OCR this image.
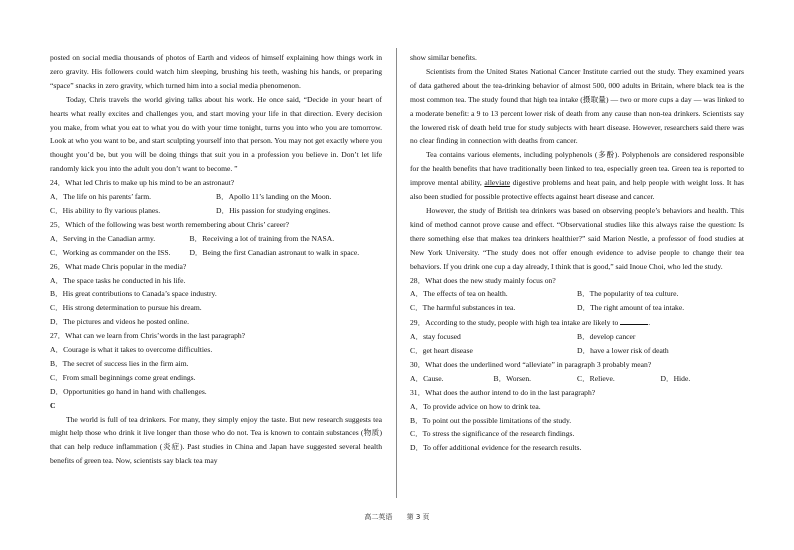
posted on social media thousands of photos of Earth and videos of himself explaining how things work in zero gravity. His followers could watch him sleeping, brushing his teeth, washing his hands, or preparing “space” snacks in zero gravity, which turned him into a social media phenomenon.

Today, Chris travels the world giving talks about his work. He once said, “Decide in your heart of hearts what really excites and challenges you, and start moving your life in that direction. Every decision you make, from what you eat to what you do with your time tonight, turns you into who you are tomorrow. Look at who you want to be, and start sculpting yourself into that person. You may not get exactly where you thought you’d be, but you will be doing things that suit you in a profession you believe in. Don’t let life randomly kick you into the adult you don’t want to become. ”

24．What led Chris to make up his mind to be an astronaut?

A．The life on his parents’ farm.	B．Apollo 11’s landing on the Moon.
C．His ability to fly various planes.	D．His passion for studying engines.

25．Which of the following was best worth remembering about Chris’ career?

A．Serving in the Canadian army.	B．Receiving a lot of training from the NASA.
C．Working as commander on the ISS.	D．Being the first Canadian astronaut to walk in space.

26．What made Chris popular in the media?

A．The space tasks he conducted in his life.

B．His great contributions to Canada’s space industry.

C．His strong determination to pursue his dream.

D．The pictures and videos he posted online.

27．What can we learn from Chris’words in the last paragraph?

A．Courage is what it takes to overcome difficulties.

B．The secret of success lies in the firm aim.

C．From small beginnings come great endings.

D．Opportunities go hand in hand with challenges.

C

The world is full of tea drinkers. For many, they simply enjoy the taste. But new research suggests tea might help those who drink it live longer than those who do not. Tea is known to contain substances (物质) that can help reduce inflammation (炎症). Past studies in China and Japan have suggested several health benefits of green tea. Now, scientists say black tea may

show similar benefits.

Scientists from the United States National Cancer Institute carried out the study. They examined years of data gathered about the tea-drinking behavior of almost 500, 000 adults in Britain, where black tea is the most common tea. The study found that high tea intake (摄取量) — two or more cups a day — was linked to a moderate benefit: a 9 to 13 percent lower risk of death from any cause than non-tea drinkers. Scientists say the lowered risk of death held true for study subjects with heart disease. However, researchers said there was no clear finding in connection with deaths from cancer.

Tea contains various elements, including polyphenols (多酚). Polyphenols are considered responsible for the health benefits that have traditionally been linked to tea, especially green tea. Green tea is reported to improve mental ability, alleviate digestive problems and heat pain, and help people with weight loss. It has also been studied for possible protective effects against heart disease and cancer.

However, the study of British tea drinkers was based on observing people’s behaviors and health. This kind of method cannot prove cause and effect. “Observational studies like this always raise the question: Is there something else that makes tea drinkers healthier?” said Marion Nestle, a professor of food studies at New York University. “The study does not offer enough evidence to advise people to change their tea behaviors. If you drink one cup a day already, I think that is good,” said Inoue Choi, who led the study.

28．What does the new study mainly focus on?

A．The effects of tea on health.	B．The popularity of tea culture.
C．The harmful substances in tea.	D．The right amount of tea intake.

29．According to the study, people with high tea intake are likely to	.

A．stay focused	B．develop cancer
C．get heart disease	D．have a lower risk of death

30．What does the underlined word “alleviate” in paragraph 3 probably mean?

A．Cause.	B．Worsen.	C．Relieve.	D．Hide.

31．What does the author intend to do in the last paragraph?

A．To provide advice on how to drink tea.

B．To point out the possible limitations of the study.

C．To stress the significance of the research findings.

D．To offer additional evidence for the research results.

高二英语 第 3 页
